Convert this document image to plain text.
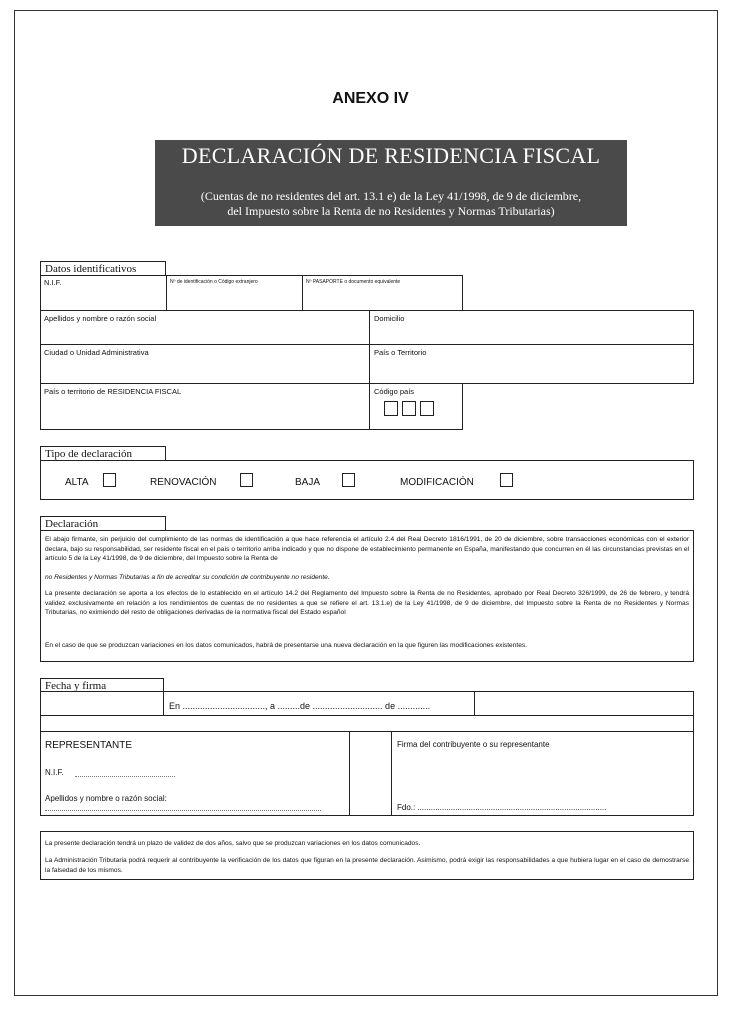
ANEXO IV
DECLARACIÓN DE RESIDENCIA FISCAL
(Cuentas de no residentes del art. 13.1 e) de la Ley 41/1998, de 9 de diciembre,
del Impuesto sobre la Renta de no Residentes y Normas Tributarias)
Datos identificativos
N.I.F.	Nº de identificación o Código extranjero	Nº PASAPORTE o documento equivalente
Apellidos y nombre o razón social	Domicilio
Ciudad o Unidad Administrativa	País o Territorio
País o territorio de RESIDENCIA FISCAL	Código país
Tipo de declaración
ALTA	RENOVACIÓN	BAJA	MODIFICACIÓN
Declaración
El abajo firmante, sin perjuicio del cumplimiento de las normas de identificación a que hace referencia el artículo 2.4 del Real Decreto 1816/1991, de 20 de diciembre, sobre transacciones económicas con el exterior declara, bajo su responsabilidad, ser residente fiscal en el país o territorio arriba indicado y que no dispone de establecimiento permanente en España, manifestando que concurren en él las circunstancias previstas en el artículo 5 de la Ley 41/1998, de 9 de diciembre, del Impuesto sobre la Renta de
no Residentes y Normas Tributarias a fin de acreditar su condición de contribuyente no residente.
La presente declaración se aporta a los efectos de lo establecido en el artículo 14.2 del Reglamento del Impuesto sobre la Renta de no Residentes, aprobado por Real Decreto 326/1999, de 26 de febrero, y tendrá validez exclusivamente en relación a los rendimientos de cuentas de no residentes a que se refiere el art. 13.1.e) de la Ley 41/1998, de 9 de diciembre, del Impuesto sobre la Renta de no Residentes y Normas Tributarias, no eximiendo del resto de obligaciones derivadas de la normativa fiscal del Estado español
En el caso de que se produzcan variaciones en los datos comunicados, habrá de presentarse una nueva declaración en la que figuren las modificaciones existentes.
Fecha y firma
En ................................., a .........de ............................ de .............
REPRESENTANTE
N.I.F.
Apellidos y nombre o razón social:
Firma del contribuyente o su representante
Fdo.: .....................................................................................
La presente declaración tendrá un plazo de validez de dos años, salvo que se produzcan variaciones en los datos comunicados.
La Administración Tributaria podrá requerir al contribuyente la verificación de los datos que figuran en la presente declaración. Asimismo, podrá exigir las responsabilidades a que hubiera lugar en el caso de demostrarse la falsedad de los mismos.
